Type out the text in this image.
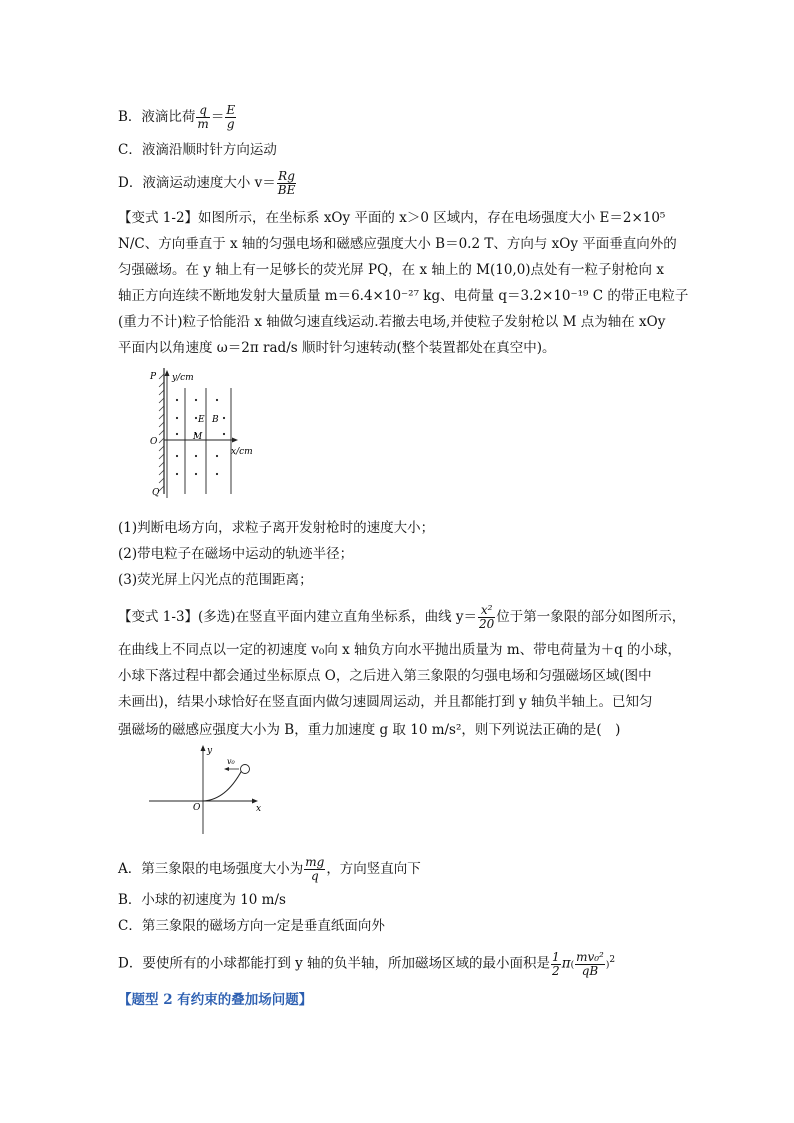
B．液滴比荷 $\frac{q}{m} = \frac{E}{g}$
C．液滴沿顺时针方向运动
D．液滴运动速度大小 $v= \frac{Rg}{BE}$
【变式 1-2】如图所示，在坐标系 xOy 平面的 x＞0 区域内，存在电场强度大小 E＝2×10⁵
N/C、方向垂直于 x 轴的匀强电场和磁感应强度大小 B＝0.2 T、方向与 xOy 平面垂直向外的
匀强磁场。在 y 轴上有一足够长的荧光屏 PQ，在 x 轴上的 M(10,0)点处有一粒子射枪向 x
轴正方向连续不断地发射大量质量 m＝6.4×10⁻²⁷ kg、电荷量 q＝3.2×10⁻¹⁹ C 的带正电粒子
(重力不计)粒子恰能沿 x 轴做匀速直线运动.若撤去电场,并使粒子发射枪以 M 点为轴在 xOy
平面内以角速度 ω＝2π rad/s 顺时针匀速转动(整个装置都处在真空中)。
y/cm
x/cm
P
O
Q
E B
M
(1)判断电场方向，求粒子离开发射枪时的速度大小；
(2)带电粒子在磁场中运动的轨迹半径；
(3)荧光屏上闪光点的范围距离；
【变式 1-3】(多选)在竖直平面内建立直角坐标系，曲线 $y= \frac{\text{x²}}{20}$ 位于第一象限的部分如图所示，
在曲线上不同点以一定的初速度 v₀向 x 轴负方向水平抛出质量为 m、带电荷量为＋q 的小球，
小球下落过程中都会通过坐标原点 O，之后进入第三象限的匀强电场和匀强磁场区域(图中
未画出)，结果小球恰好在竖直面内做匀速圆周运动，并且都能打到 y 轴负半轴上。已知匀
强磁场的磁感应强度大小为 B，重力加速度 g 取 10 m/s²，则下列说法正确的是(　)
y
x
O
v₀
A．第三象限的电场强度大小为 $\frac{mg}{q}$ ，方向竖直向下
B．小球的初速度为 10 m/s
C．第三象限的磁场方向一定是垂直纸面向外
D．要使所有的小球都能打到 y 轴的负半轴，所加磁场区域的最小面积是 $\frac{1}{2} \pi( \frac{\text{mv₀²}}{qB} )^2$
【题型 2 有约束的叠加场问题】
